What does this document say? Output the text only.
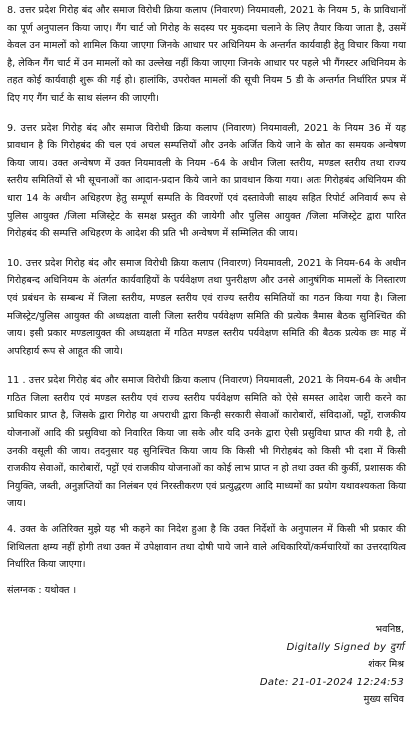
8. उत्तर प्रदेश गिरोह बंद और समाज विरोधी क्रिया कलाप (निवारण) नियमावली, 2021 के नियम 5, के प्राविधानों का पूर्ण अनुपालन किया जाए। गैंग चार्ट जो गिरोह के सदस्य पर मुकदमा चलाने के लिए तैयार किया जाता है, उसमें केवल उन मामलों को शामिल किया जाएगा जिनके आधार पर अधिनियम के अन्तर्गत कार्यवाही हेतु विचार किया गया है, लेकिन गैंग चार्ट में उन मामलों को का उल्लेख नहीं किया जाएगा जिनके आधार पर पहले भी गैंगस्टर अधिनियम के तहत कोई कार्यवाही शुरू की गई हो। हालांकि, उपरोक्त मामलों की सूची नियम 5 डी के अन्तर्गत निर्धारित प्रपत्र में दिए गए गैंग चार्ट के साथ संलग्न की जाएगी।

9. उत्तर प्रदेश गिरोह बंद और समाज विरोधी क्रिया कलाप (निवारण) नियमावली, 2021 के नियम 36 में यह प्रावधान है कि गिरोहबंद की चल एवं अचल सम्पत्तियों और उनके अर्जित किये जाने के स्रोत का समयक अन्वेषण किया जाय। उक्त अन्वेषण में उक्त नियमावली के नियम -64 के अधीन जिला स्तरीय, मण्डल स्तरीय तथा राज्य स्तरीय समितियों से भी सूचनाओं का आदान-प्रदान किये जाने का प्रावधान किया गया। अतः गिरोहबंद अधिनियम की धारा 14 के अधीन अधिहरण हेतु सम्पूर्ण सम्पति के विवरणों एवं दस्तावेजी साक्ष्य सहित रिपोर्ट अनिवार्य रूप से पुलिस आयुक्त /जिला मजिस्ट्रेट के समक्ष प्रस्तुत की जायेगी और पुलिस आयुक्त /जिला मजिस्ट्रेट द्वारा पारित गिरोहबंद की सम्पत्ति अधिहरण के आदेश की प्रति भी अन्वेषण में सम्मिलित की जाय।

10. उत्तर प्रदेश गिरोह बंद और समाज विरोधी क्रिया कलाप (निवारण) नियमावली, 2021 के नियम-64 के अधीन गिरोहबन्द अधिनियम के अंतर्गत कार्यवाहियों के पर्यवेक्षण तथा पुनरीक्षण और उनसे आनुषंगिक मामलों के निस्तारण एवं प्रबंधन के सम्बन्ध में जिला स्तरीय, मण्डल स्तरीय एवं राज्य स्तरीय समितियों का गठन किया गया है। जिला मजिस्ट्रेट/पुलिस आयुक्त की अध्यक्षता वाली जिला स्तरीय पर्यवेक्षण समिति की प्रत्येक त्रैमास बैठक सुनिश्चित की जाय। इसी प्रकार मण्डलायुक्त की अध्यक्षता में गठित मण्डल स्तरीय पर्यवेक्षण समिति की बैठक प्रत्येक छः माह में अपरिहार्य रूप से आहूत की जाये।

11 . उत्तर प्रदेश गिरोह बंद और समाज विरोधी क्रिया कलाप (निवारण) नियमावली, 2021 के नियम-64 के अधीन गठित जिला स्तरीय एवं मण्डल स्तरीय एवं राज्य स्तरीय पर्यवेक्षण समिति को ऐसे समस्त आदेश जारी करने का प्राधिकार प्राप्त है, जिसके द्वारा गिरोह या अपराधी द्वारा किन्ही सरकारी सेवाओं कारोबारों, संविदाओं, पट्टों, राजकीय योजनाओं आदि की प्रसुविधा को निवारित किया जा सके और यदि उनके द्वारा ऐसी प्रसुविधा प्राप्त की गयी है, तो उनकी वसूली की जाय। तदनुसार यह सुनिश्चित किया जाय कि किसी भी गिरोहबंद को किसी भी दशा में किसी राजकीय सेवाओं, कारोबारों, पट्टों एवं राजकीय योजनाओं का कोई लाभ प्राप्त न हो तथा उक्त की कुर्की, प्रशासक की नियुक्ति, जब्ती, अनुज्ञप्तियों का निलंबन एवं निरस्तीकरण एवं प्रत्युद्धरण आदि माध्यमों का प्रयोग यथावश्यकता किया जाय।

4. उक्त के अतिरिक्त मुझे यह भी कहने का निदेश हुआ है कि उक्त निर्देशों के अनुपालन में किसी भी प्रकार की शिथिलता क्षम्य नहीं होगी तथा उक्त में उपेक्षावान तथा दोषी पाये जाने वाले अधिकारियों/कर्मचारियों का उत्तरदायित्व निर्धारित किया जाएगा।

संलग्नक : यथोक्त ।

भवनिष्ठ,
Digitally Signed by दुर्गा
शंकर मिश्र
Date: 21-01-2024 12:24:53
मुख्य सचिव
